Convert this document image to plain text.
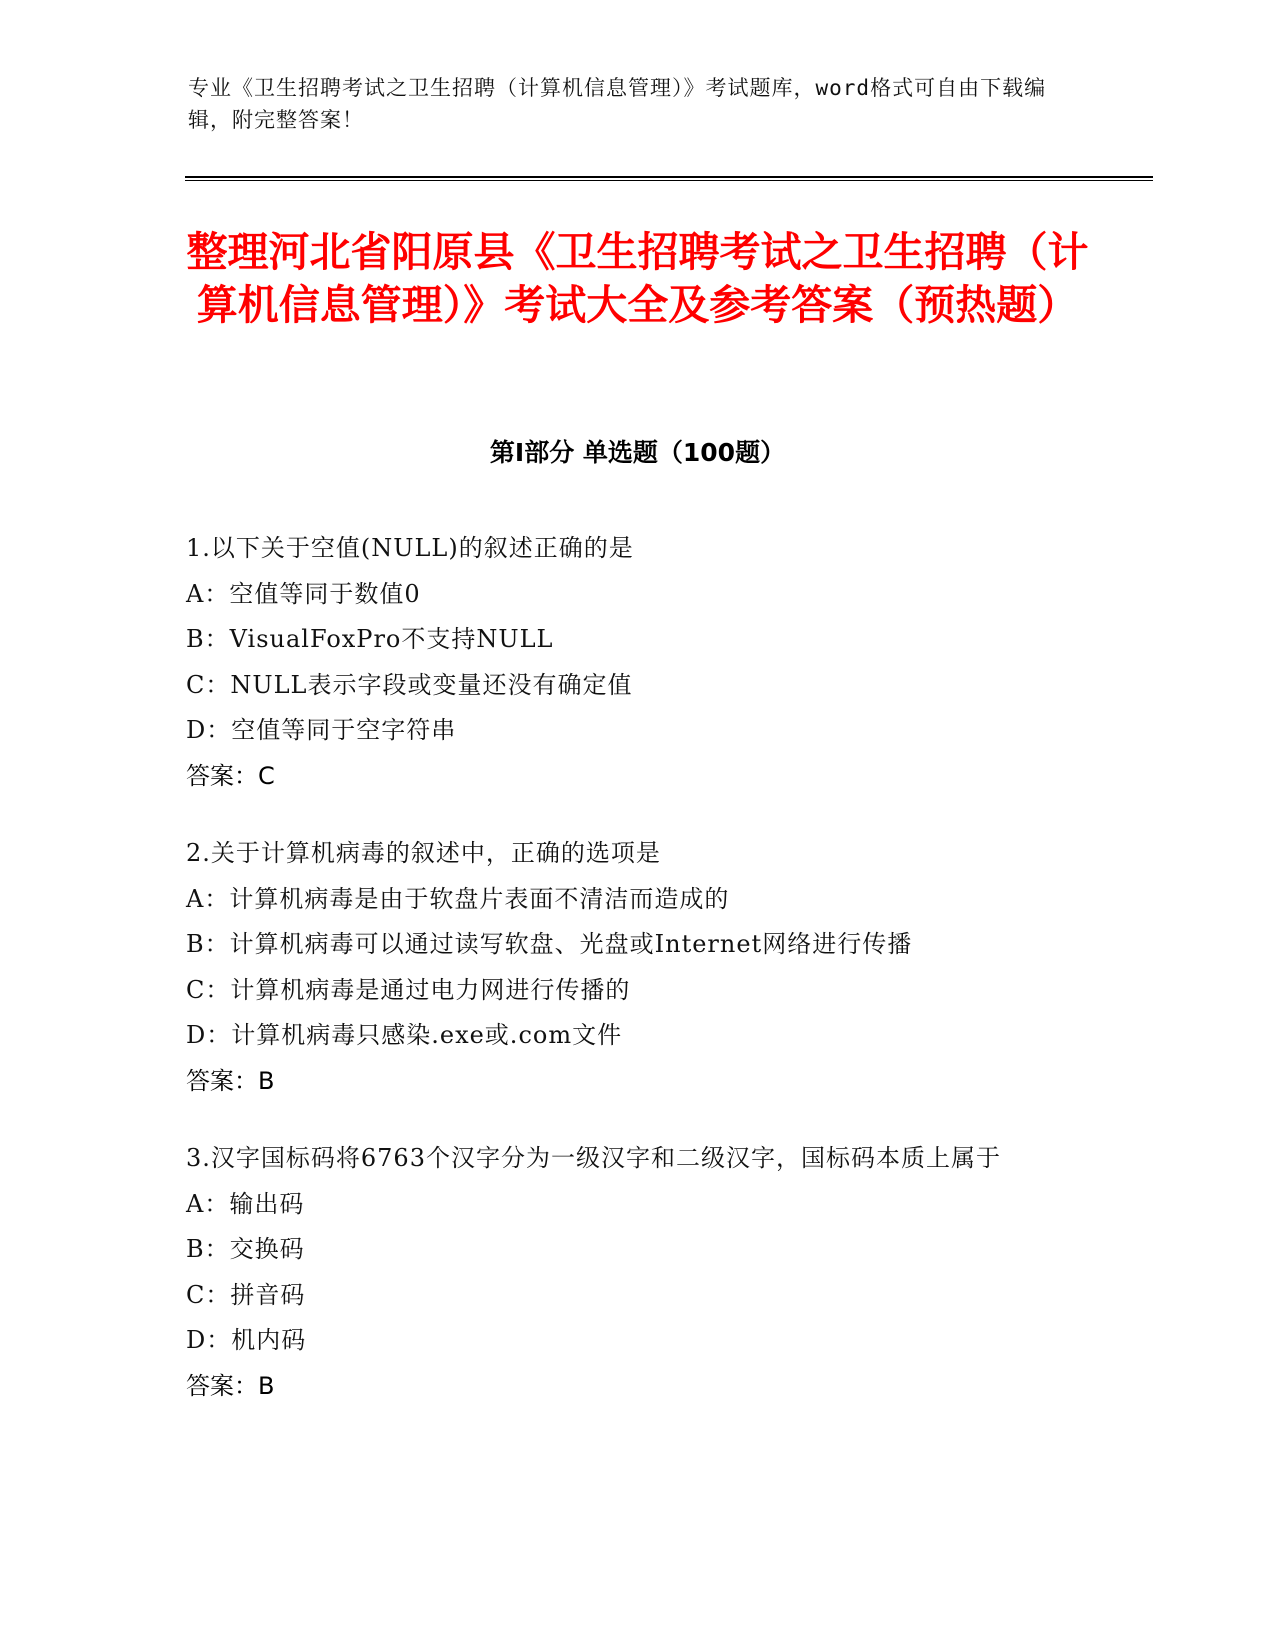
专业《卫生招聘考试之卫生招聘（计算机信息管理）》考试题库，word格式可自由下载编辑，附完整答案！

整理河北省阳原县《卫生招聘考试之卫生招聘（计算机信息管理）》考试大全及参考答案（预热题）
第Ⅰ部分 单选题（100题）

1.以下关于空值(NULL)的叙述正确的是

A：空值等同于数值0

B：VisualFoxPro不支持NULL

C：NULL表示字段或变量还没有确定值

D：空值等同于空字符串

答案：C

2.关于计算机病毒的叙述中，正确的选项是

A：计算机病毒是由于软盘片表面不清洁而造成的

B：计算机病毒可以通过读写软盘、光盘或Internet网络进行传播

C：计算机病毒是通过电力网进行传播的

D：计算机病毒只感染.exe或.com文件

答案：B

3.汉字国标码将6763个汉字分为一级汉字和二级汉字，国标码本质上属于

A：输出码

B：交换码

C：拼音码

D：机内码

答案：B
